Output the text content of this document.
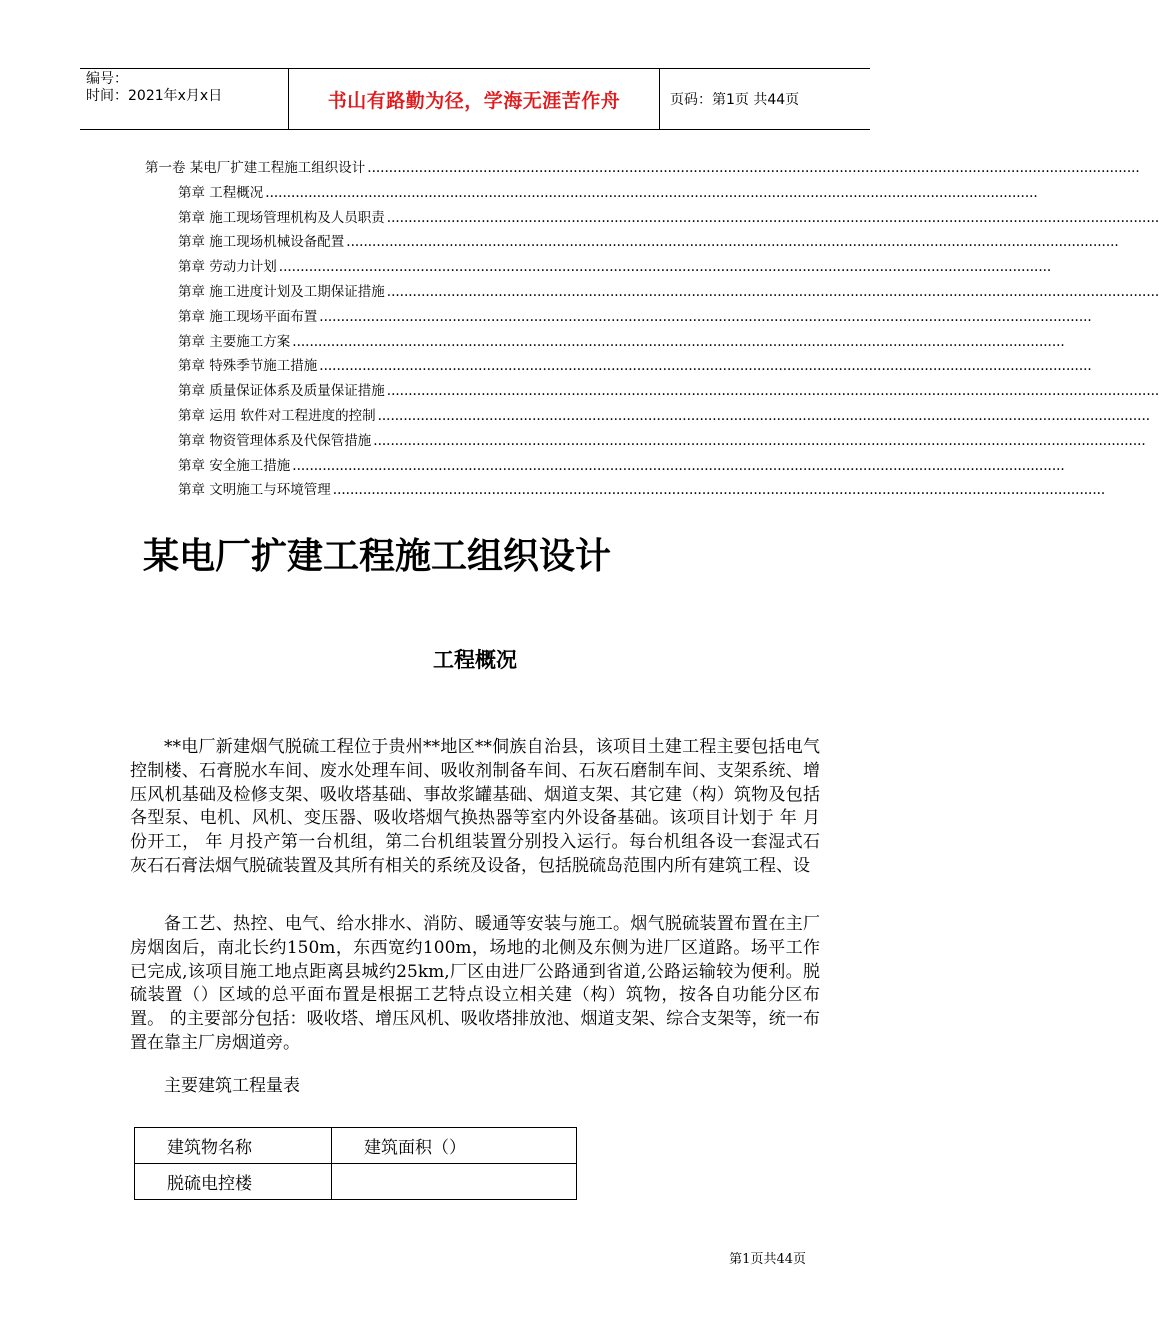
编号：
时间：2021年x月x日	书山有路勤为径，学海无涯苦作舟	页码：第1页 共44页
第一卷 某电厂扩建工程施工组织设计 ....................................................................................................................................................................................
第章 工程概况 ....................................................................................................................................................................................
第章 施工现场管理机构及人员职责 ....................................................................................................................................................................................
第章 施工现场机械设备配置 ....................................................................................................................................................................................
第章 劳动力计划 ....................................................................................................................................................................................
第章 施工进度计划及工期保证措施 ....................................................................................................................................................................................
第章 施工现场平面布置 ....................................................................................................................................................................................
第章 主要施工方案 ....................................................................................................................................................................................
第章 特殊季节施工措施 ....................................................................................................................................................................................
第章 质量保证体系及质量保证措施 ....................................................................................................................................................................................
第章 运用 软件对工程进度的控制 ....................................................................................................................................................................................
第章 物资管理体系及代保管措施 ....................................................................................................................................................................................
第章 安全施工措施 ....................................................................................................................................................................................
第章 文明施工与环境管理 ....................................................................................................................................................................................
某电厂扩建工程施工组织设计
工程概况
**电厂新建烟气脱硫工程位于贵州**地区**侗族自治县，该项目土建工程主要包括电气控制楼、石膏脱水车间、废水处理车间、吸收剂制备车间、石灰石磨制车间、支架系统、增压风机基础及检修支架、吸收塔基础、事故浆罐基础、烟道支架、其它建（构）筑物及包括各型泵、电机、风机、变压器、吸收塔烟气换热器等室内外设备基础。该项目计划于 年 月份开工， 年 月投产第一台机组，第二台机组装置分别投入运行。每台机组各设一套湿式石灰石石膏法烟气脱硫装置及其所有相关的系统及设备，包括脱硫岛范围内所有建筑工程、设
备工艺、热控、电气、给水排水、消防、暖通等安装与施工。烟气脱硫装置布置在主厂房烟囱后，南北长约150m，东西宽约100m，场地的北侧及东侧为进厂区道路。场平工作已完成,该项目施工地点距离县城约25km,厂区由进厂公路通到省道,公路运输较为便利。脱硫装置（）区域的总平面布置是根据工艺特点设立相关建（构）筑物，按各自功能分区布置。 的主要部分包括：吸收塔、增压风机、吸收塔排放池、烟道支架、综合支架等，统一布置在靠主厂房烟道旁。
主要建筑工程量表
建筑物名称	建筑面积（）
脱硫电控楼	
第1页共44页
